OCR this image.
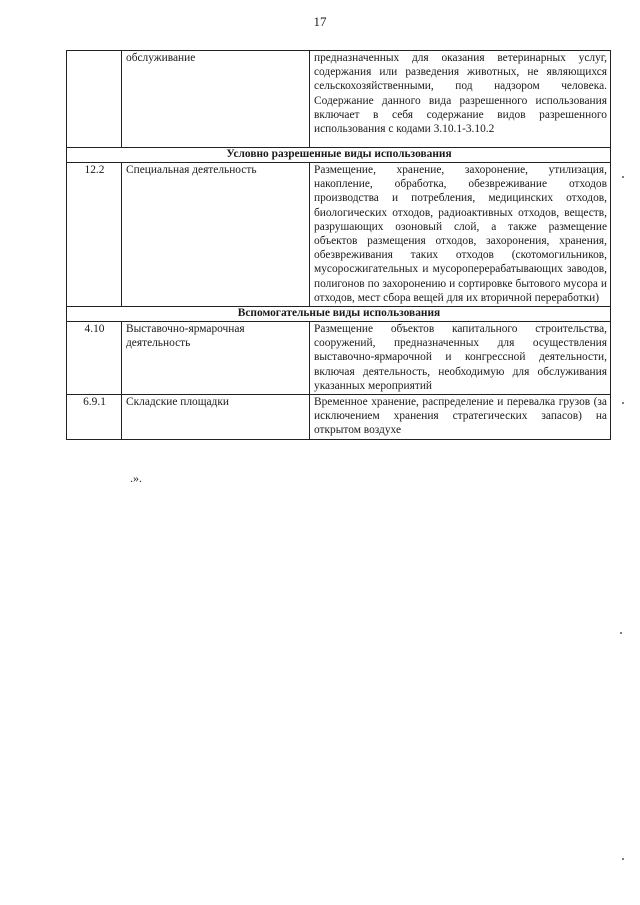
17
	обслуживание	предназначенных для оказания ветеринарных услуг, содержания или разведения животных, не являющихся сельскохозяйственными, под надзором человека. Содержание данного вида разрешенного использования включает в себя содержание видов разрешенного использования с кодами 3.10.1-3.10.2
Условно разрешенные виды использования		
12.2	Специальная деятельность	Размещение, хранение, захоронение, утилизация, накопление, обработка, обезвреживание отходов производства и потребления, медицинских отходов, биологических отходов, радиоактивных отходов, веществ, разрушающих озоновый слой, а также размещение объектов размещения отходов, захоронения, хранения, обезвреживания таких отходов (скотомогильников, мусоросжигательных и мусороперерабатывающих заводов, полигонов по захоронению и сортировке бытового мусора и отходов, мест сбора вещей для их вторичной переработки)
Вспомогательные виды использования		
4.10	Выставочно-ярмарочная деятельность	Размещение объектов капитального строительства, сооружений, предназначенных для осуществления выставочно-ярмарочной и конгрессной деятельности, включая деятельность, необходимую для обслуживания указанных мероприятий
6.9.1	Складские площадки	Временное хранение, распределение и перевалка грузов (за исключением хранения стратегических запасов) на открытом воздухе
.».
